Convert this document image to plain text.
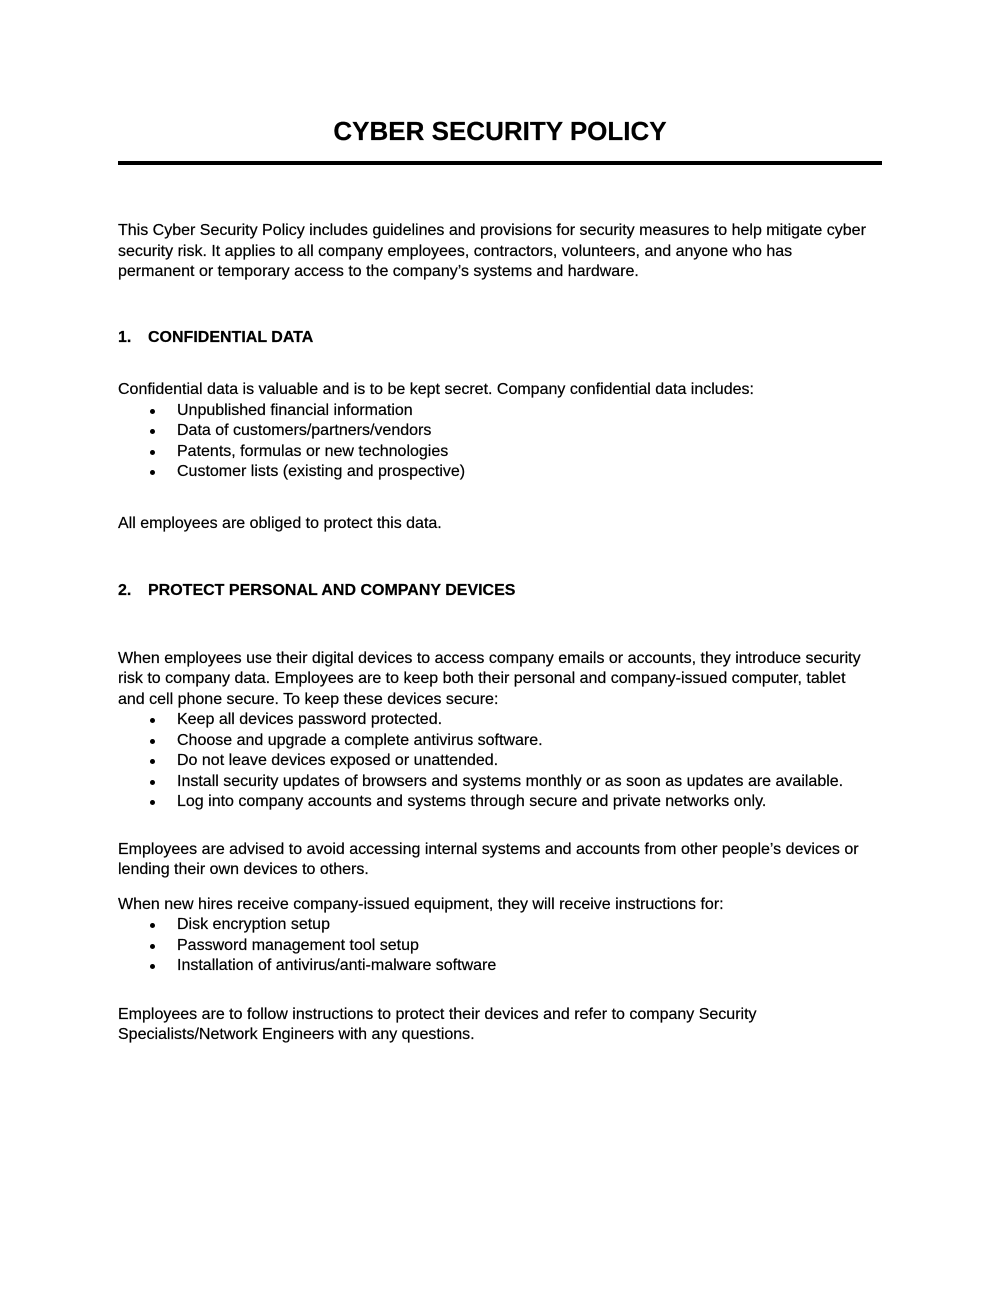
CYBER SECURITY POLICY
This Cyber Security Policy includes guidelines and provisions for security measures to help mitigate cyber
security risk. It applies to all company employees, contractors, volunteers, and anyone who has
permanent or temporary access to the company’s systems and hardware.
1. CONFIDENTIAL DATA
Confidential data is valuable and is to be kept secret. Company confidential data includes:
Unpublished financial information
Data of customers/partners/vendors
Patents, formulas or new technologies
Customer lists (existing and prospective)
All employees are obliged to protect this data.
2. PROTECT PERSONAL AND COMPANY DEVICES
When employees use their digital devices to access company emails or accounts, they introduce security
risk to company data. Employees are to keep both their personal and company-issued computer, tablet
and cell phone secure. To keep these devices secure:
Keep all devices password protected.
Choose and upgrade a complete antivirus software.
Do not leave devices exposed or unattended.
Install security updates of browsers and systems monthly or as soon as updates are available.
Log into company accounts and systems through secure and private networks only.
Employees are advised to avoid accessing internal systems and accounts from other people’s devices or
lending their own devices to others.
When new hires receive company-issued equipment, they will receive instructions for:
Disk encryption setup
Password management tool setup
Installation of antivirus/anti-malware software
Employees are to follow instructions to protect their devices and refer to company Security
Specialists/Network Engineers with any questions.
